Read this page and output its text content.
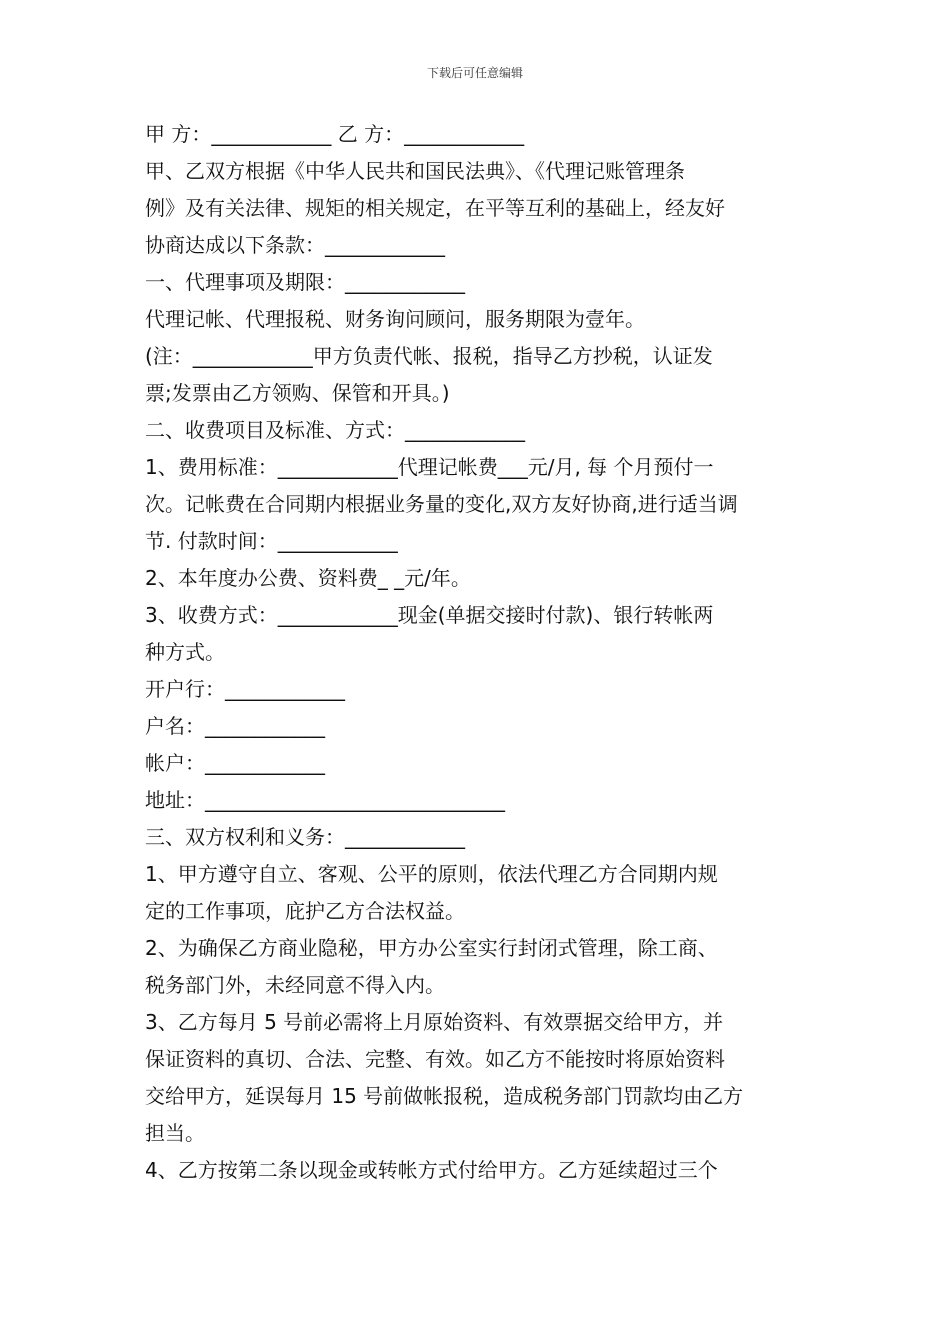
下载后可任意编辑
甲 方：____________ 乙 方：____________
甲、乙双方根据《中华人民共和国民法典》、《代理记账管理条
例》及有关法律、规矩的相关规定，在平等互利的基础上，经友好
协商达成以下条款：____________
一、代理事项及期限：____________
代理记帐、代理报税、财务询问顾问，服务期限为壹年。
(注：____________甲方负责代帐、报税，指导乙方抄税，认证发
票;发票由乙方领购、保管和开具。)
二、收费项目及标准、方式：____________
1、费用标准：____________代理记帐费___元/月, 每 个月预付一
次。记帐费在合同期内根据业务量的变化,双方友好协商,进行适当调
节. 付款时间：____________
2、本年度办公费、资料费_ _元/年。
3、收费方式：____________现金(单据交接时付款)、银行转帐两
种方式。
开户行：____________
户名：____________
帐户：____________
地址：______________________________
三、双方权利和义务：____________
1、甲方遵守自立、客观、公平的原则，依法代理乙方合同期内规
定的工作事项，庇护乙方合法权益。
2、为确保乙方商业隐秘，甲方办公室实行封闭式管理，除工商、
税务部门外，未经同意不得入内。
3、乙方每月 5 号前必需将上月原始资料、有效票据交给甲方，并
保证资料的真切、合法、完整、有效。如乙方不能按时将原始资料
交给甲方，延误每月 15 号前做帐报税，造成税务部门罚款均由乙方
担当。
4、乙方按第二条以现金或转帐方式付给甲方。乙方延续超过三个
